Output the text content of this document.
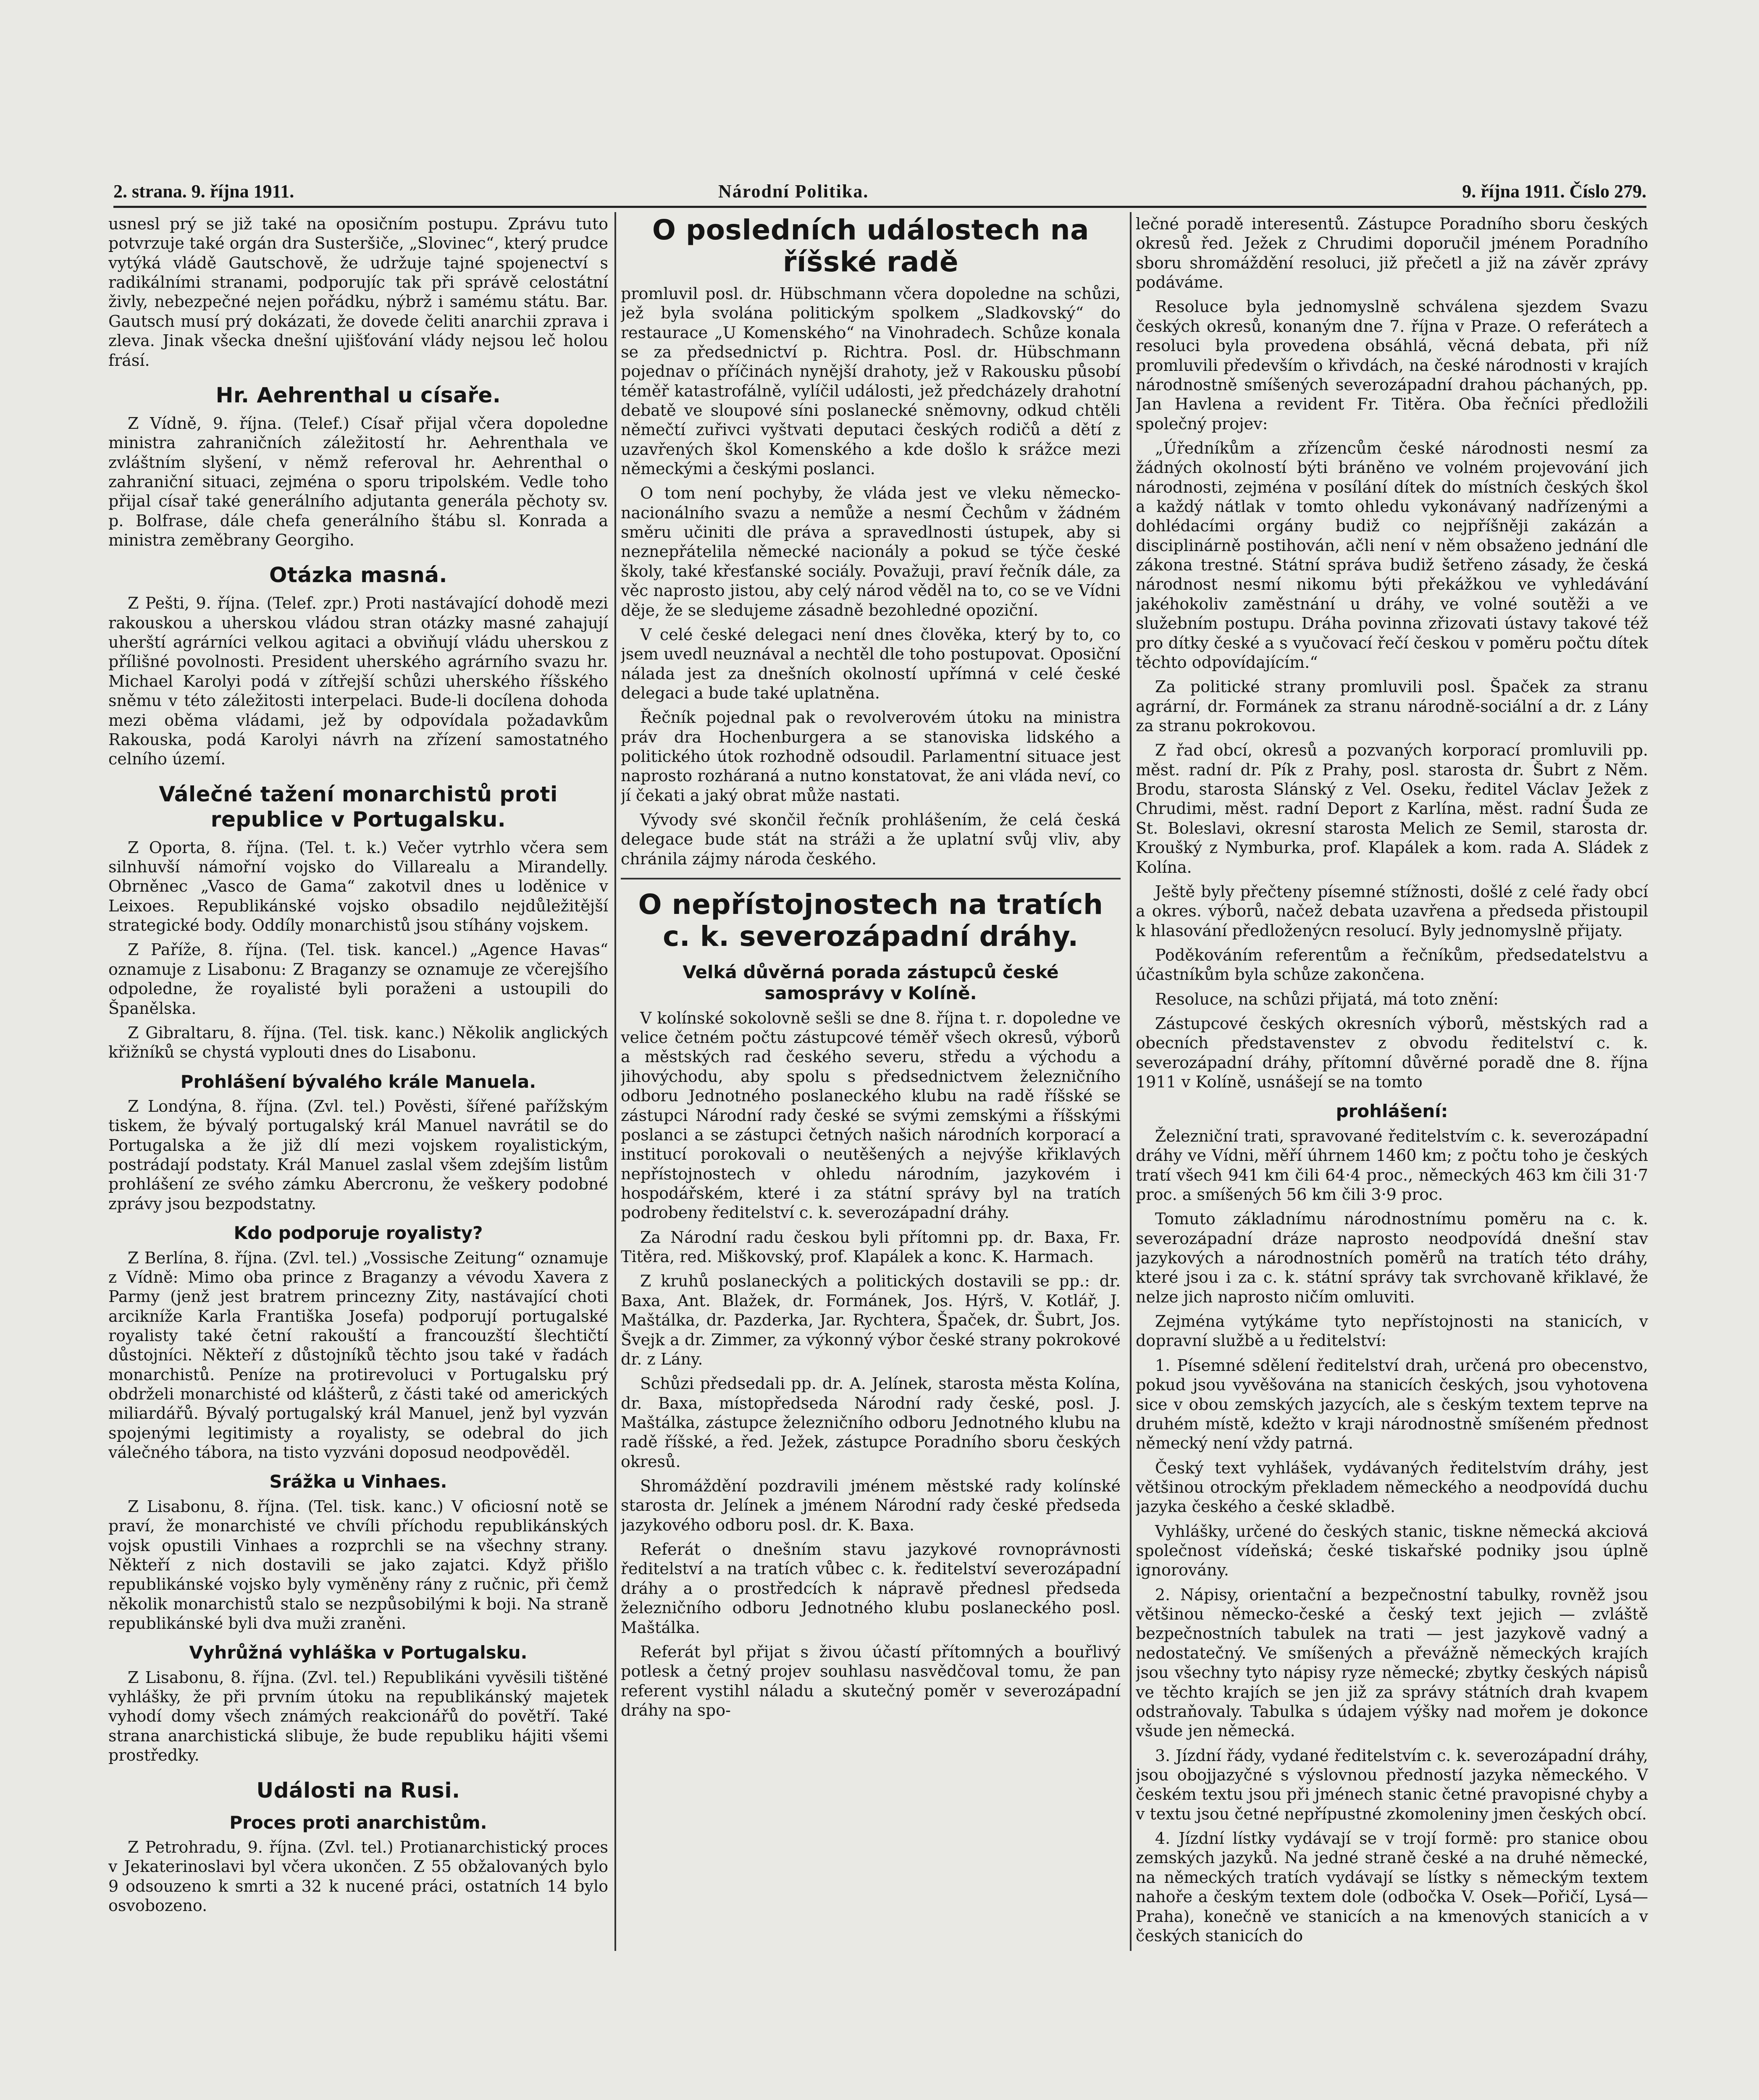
2. strana. 9. října 1911.	Národní Politika.	9. října 1911. Číslo 279.

usnesl prý se již také na oposičním postupu. Zprávu tuto potvrzuje také orgán dra Susteršiče, „Slovinec“, který prudce vytýká vládě Gautschově, že udržuje tajné spojenectví s radikálními stranami, podporujíc tak při správě celostátní živly, nebezpečné nejen pořádku, nýbrž i samému státu. Bar. Gautsch musí prý dokázati, že dovede čeliti anarchii zprava i zleva. Jinak všecka dnešní ujišťování vlády nejsou leč holou frásí.

Hr. Aehrenthal u císaře.

Z Vídně, 9. října. (Telef.) Císař přijal včera dopoledne ministra zahraničních záležitostí hr. Aehrenthala ve zvláštním slyšení, v němž referoval hr. Aehrenthal o zahraniční situaci, zejména o sporu tripolském. Vedle toho přijal císař také generálního adjutanta generála pěchoty sv. p. Bolfrase, dále chefa generálního štábu sl. Konrada a ministra zeměbrany Georgiho.

Otázka masná.

Z Pešti, 9. října. (Telef. zpr.) Proti nastávající dohodě mezi rakouskou a uherskou vládou stran otázky masné zahajují uherští agrárníci velkou agitaci a obviňují vládu uherskou z přílišné povolnosti. President uherského agrárního svazu hr. Michael Karolyi podá v zítřejší schůzi uherského říšského sněmu v této záležitosti interpelaci. Bude-li docílena dohoda mezi oběma vládami, jež by odpovídala požadavkům Rakouska, podá Karolyi návrh na zřízení samostatného celního území.

Válečné tažení monarchistů proti republice v Portugalsku.

Z Oporta, 8. října. (Tel. t. k.) Večer vytrhlo včera sem silnhuvší námořní vojsko do Villarealu a Mirandelly. Obrněnec „Vasco de Gama“ zakotvil dnes u loděnice v Leixoes. Republikánské vojsko obsadilo nejdůležitější strategické body. Oddíly monarchistů jsou stíhány vojskem.

Z Paříže, 8. října. (Tel. tisk. kancel.) „Agence Havas“ oznamuje z Lisabonu: Z Braganzy se oznamuje ze včerejšího odpoledne, že royalisté byli poraženi a ustoupili do Španělska.

Z Gibraltaru, 8. října. (Tel. tisk. kanc.) Několik anglických křižníků se chystá vyplouti dnes do Lisabonu.

Prohlášení bývalého krále Manuela.

Z Londýna, 8. října. (Zvl. tel.) Pověsti, šířené pařížským tiskem, že bývalý portugalský král Manuel navrátil se do Portugalska a že již dlí mezi vojskem royalistickým, postrádají podstaty. Král Manuel zaslal všem zdejším listům prohlášení ze svého zámku Abercronu, že veškery podobné zprávy jsou bezpodstatny.

Kdo podporuje royalisty?

Z Berlína, 8. října. (Zvl. tel.) „Vossische Zeitung“ oznamuje z Vídně: Mimo oba prince z Braganzy a vévodu Xavera z Parmy (jenž jest bratrem princezny Zity, nastávající choti arcikníže Karla Františka Josefa) podporují portugalské royalisty také četní rakouští a francouzští šlechtičtí důstojníci. Někteří z důstojníků těchto jsou také v řadách monarchistů. Peníze na protirevoluci v Portugalsku prý obdrželi monarchisté od klášterů, z části také od amerických miliardářů. Bývalý portugalský král Manuel, jenž byl vyzván spojenými legitimisty a royalisty, se odebral do jich válečného tábora, na tisto vyzváni doposud neodpověděl.

Srážka u Vinhaes.

Z Lisabonu, 8. října. (Tel. tisk. kanc.) V oficiosní notě se praví, že monarchisté ve chvíli příchodu republikánských vojsk opustili Vinhaes a rozprchli se na všechny strany. Někteří z nich dostavili se jako zajatci. Když přišlo republikánské vojsko byly vyměněny rány z ručnic, při čemž několik monarchistů stalo se nezpůsobilými k boji. Na straně republikánské byli dva muži zraněni.

Vyhrůžná vyhláška v Portugalsku.

Z Lisabonu, 8. října. (Zvl. tel.) Republikáni vyvěsili tištěné vyhlášky, že při prvním útoku na republikánský majetek vyhodí domy všech známých reakcionářů do povětří. Také strana anarchistická slibuje, že bude republiku hájiti všemi prostředky.

Události na Rusi.
Proces proti anarchistům.

Z Petrohradu, 9. října. (Zvl. tel.) Protianarchistický proces v Jekaterinoslavi byl včera ukončen. Z 55 obžalovaných bylo 9 odsouzeno k smrti a 32 k nucené práci, ostatních 14 bylo osvobozeno.

O posledních událostech na říšské radě

promluvil posl. dr. Hübschmann včera dopoledne na schůzi, jež byla svolána politickým spolkem „Sladkovský“ do restaurace „U Komenského“ na Vinohradech. Schůze konala se za předsednictví p. Richtra. Posl. dr. Hübschmann pojednav o příčinách nynější drahoty, jež v Rakousku působí téměř katastrofálně, vylíčil události, jež předcházely drahotní debatě ve sloupové síni poslanecké sněmovny, odkud chtěli němečtí zuřivci vyštvati deputaci českých rodičů a dětí z uzavřených škol Komenského a kde došlo k srážce mezi německými a českými poslanci.

O tom není pochyby, že vláda jest ve vleku německo-nacionálního svazu a nemůže a nesmí Čechům v žádném směru učiniti dle práva a spravedlnosti ústupek, aby si neznepřátelila německé nacionály a pokud se týče české školy, také křesťanské sociály. Považuji, praví řečník dále, za věc naprosto jistou, aby celý národ věděl na to, co se ve Vídni děje, že se sledujeme zásadně bezohledné opoziční.

V celé české delegaci není dnes člověka, který by to, co jsem uvedl neuznával a nechtěl dle toho postupovat. Oposiční nálada jest za dnešních okolností upřímná v celé české delegaci a bude také uplatněna.

Řečník pojednal pak o revolverovém útoku na ministra práv dra Hochenburgera a se stanoviska lidského a politického útok rozhodně odsoudil. Parlamentní situace jest naprosto rozháraná a nutno konstatovat, že ani vláda neví, co jí čekati a jaký obrat může nastati.

Vývody své skončil řečník prohlášením, že celá česká delegace bude stát na stráži a že uplatní svůj vliv, aby chránila zájmy národa českého.

O nepřístojnostech na tratích c. k. severozápadní dráhy.
Velká důvěrná porada zástupců české samosprávy v Kolíně.

V kolínské sokolovně sešli se dne 8. října t. r. dopoledne ve velice četném počtu zástupcové téměř všech okresů, výborů a městských rad českého severu, středu a východu a jihovýchodu, aby spolu s předsednictvem železničního odboru Jednotného poslaneckého klubu na radě říšské se zástupci Národní rady české se svými zemskými a říšskými poslanci a se zástupci četných našich národních korporací a institucí porokovali o neutěšených a nejvýše křiklavých nepřístojnostech v ohledu národním, jazykovém i hospodářském, které i za státní správy byl na tratích podrobeny ředitelství c. k. severozápadní dráhy.

Za Národní radu českou byli přítomni pp. dr. Baxa, Fr. Titěra, red. Miškovský, prof. Klapálek a konc. K. Harmach.

Z kruhů poslaneckých a politických dostavili se pp.: dr. Baxa, Ant. Blažek, dr. Formánek, Jos. Hýrš, V. Kotlář, J. Maštálka, dr. Pazderka, Jar. Rychtera, Špaček, dr. Šubrt, Jos. Švejk a dr. Zimmer, za výkonný výbor české strany pokrokové dr. z Lány.

Schůzi předsedali pp. dr. A. Jelínek, starosta města Kolína, dr. Baxa, místopředseda Národní rady české, posl. J. Maštálka, zástupce železničního odboru Jednotného klubu na radě říšské, a řed. Ježek, zástupce Poradního sboru českých okresů.

Shromáždění pozdravili jménem městské rady kolínské starosta dr. Jelínek a jménem Národní rady české předseda jazykového odboru posl. dr. K. Baxa.

Referát o dnešním stavu jazykové rovnoprávnosti ředitelství a na tratích vůbec c. k. ředitelství severozápadní dráhy a o prostředcích k nápravě přednesl předseda železničního odboru Jednotného klubu poslaneckého posl. Maštálka.

Referát byl přijat s živou účastí přítomných a bouřlivý potlesk a četný projev souhlasu nasvědčoval tomu, že pan referent vystihl náladu a skutečný poměr v severozápadní dráhy na spo-

lečné poradě interesentů. Zástupce Poradního sboru českých okresů řed. Ježek z Chrudimi doporučil jménem Poradního sboru shromáždění resoluci, již přečetl a již na závěr zprávy podáváme.

Resoluce byla jednomyslně schválena sjezdem Svazu českých okresů, konaným dne 7. října v Praze. O referátech a resoluci byla provedena obsáhlá, věcná debata, při níž promluvili především o křivdách, na české národnosti v krajích národnostně smíšených severozápadní drahou páchaných, pp. Jan Havlena a revident Fr. Titěra. Oba řečníci předložili společný projev:

„Úředníkům a zřízencům české národnosti nesmí za žádných okolností býti bráněno ve volném projevování jich národnosti, zejména v posílání dítek do místních českých škol a každý nátlak v tomto ohledu vykonávaný nadřízenými a dohlédacími orgány budiž co nejpříšněji zakázán a disciplinárně postihován, ačli není v něm obsaženo jednání dle zákona trestné. Státní správa budiž šetřeno zásady, že česká národnost nesmí nikomu býti překážkou ve vyhledávání jakéhokoliv zaměstnání u dráhy, ve volné soutěži a ve služebním postupu. Dráha povinna zřizovati ústavy takové též pro dítky české a s vyučovací řečí českou v poměru počtu dítek těchto odpovídajícím.“

Za politické strany promluvili posl. Špaček za stranu agrární, dr. Formánek za stranu národně-sociální a dr. z Lány za stranu pokrokovou.

Z řad obcí, okresů a pozvaných korporací promluvili pp. měst. radní dr. Pík z Prahy, posl. starosta dr. Šubrt z Něm. Brodu, starosta Slánský z Vel. Oseku, ředitel Václav Ježek z Chrudimi, měst. radní Deport z Karlína, měst. radní Šuda ze St. Boleslavi, okresní starosta Melich ze Semil, starosta dr. Kroušký z Nymburka, prof. Klapálek a kom. rada A. Sládek z Kolína.

Ještě byly přečteny písemné stížnosti, došlé z celé řady obcí a okres. výborů, načež debata uzavřena a předseda přistoupil k hlasování předloženýcn resolucí. Byly jednomyslně přijaty.

Poděkováním referentům a řečníkům, předsedatelstvu a účastníkům byla schůze zakončena.

Resoluce, na schůzi přijatá, má toto znění:

Zástupcové českých okresních výborů, městských rad a obecních představenstev z obvodu ředitelství c. k. severozápadní dráhy, přítomní důvěrné poradě dne 8. října 1911 v Kolíně, usnášejí se na tomto

prohlášení:

Železniční trati, spravované ředitelstvím c. k. severozápadní dráhy ve Vídni, měří úhrnem 1460 km; z počtu toho je českých tratí všech 941 km čili 64·4 proc., německých 463 km čili 31·7 proc. a smíšených 56 km čili 3·9 proc.

Tomuto základnímu národnostnímu poměru na c. k. severozápadní dráze naprosto neodpovídá dnešní stav jazykových a národnostních poměrů na tratích této dráhy, které jsou i za c. k. státní správy tak svrchovaně křiklavé, že nelze jich naprosto ničím omluviti.

Zejména vytýkáme tyto nepřístojnosti na stanicích, v dopravní službě a u ředitelství:

1. Písemné sdělení ředitelství drah, určená pro obecenstvo, pokud jsou vyvěšována na stanicích českých, jsou vyhotovena sice v obou zemských jazycích, ale s českým textem teprve na druhém místě, kdežto v kraji národnostně smíšeném přednost německý není vždy patrná.

Český text vyhlášek, vydávaných ředitelstvím dráhy, jest většinou otrockým překladem německého a neodpovídá duchu jazyka českého a české skladbě.

Vyhlášky, určené do českých stanic, tiskne německá akciová společnost vídeňská; české tiskařské podniky jsou úplně ignorovány.

2. Nápisy, orientační a bezpečnostní tabulky, rovněž jsou většinou německo-české a český text jejich — zvláště bezpečnostních tabulek na trati — jest jazykově vadný a nedostatečný. Ve smíšených a převážně německých krajích jsou všechny tyto nápisy ryze německé; zbytky českých nápisů ve těchto krajích se jen již za správy státních drah kvapem odstraňovaly. Tabulka s údajem výšky nad mořem je dokonce všude jen německá.

3. Jízdní řády, vydané ředitelstvím c. k. severozápadní dráhy, jsou obojjazyčné s výslovnou předností jazyka německého. V českém textu jsou při jménech stanic četné pravopisné chyby a v textu jsou četné nepřípustné zkomoleniny jmen českých obcí.

4. Jízdní lístky vydávají se v trojí formě: pro stanice obou zemských jazyků. Na jedné straně české a na druhé německé, na německých tratích vydávají se lístky s německým textem nahoře a českým textem dole (odbočka V. Osek—Pořičí, Lysá—Praha), konečně ve stanicích a na kmenových stanicích a v českých stanicích do
